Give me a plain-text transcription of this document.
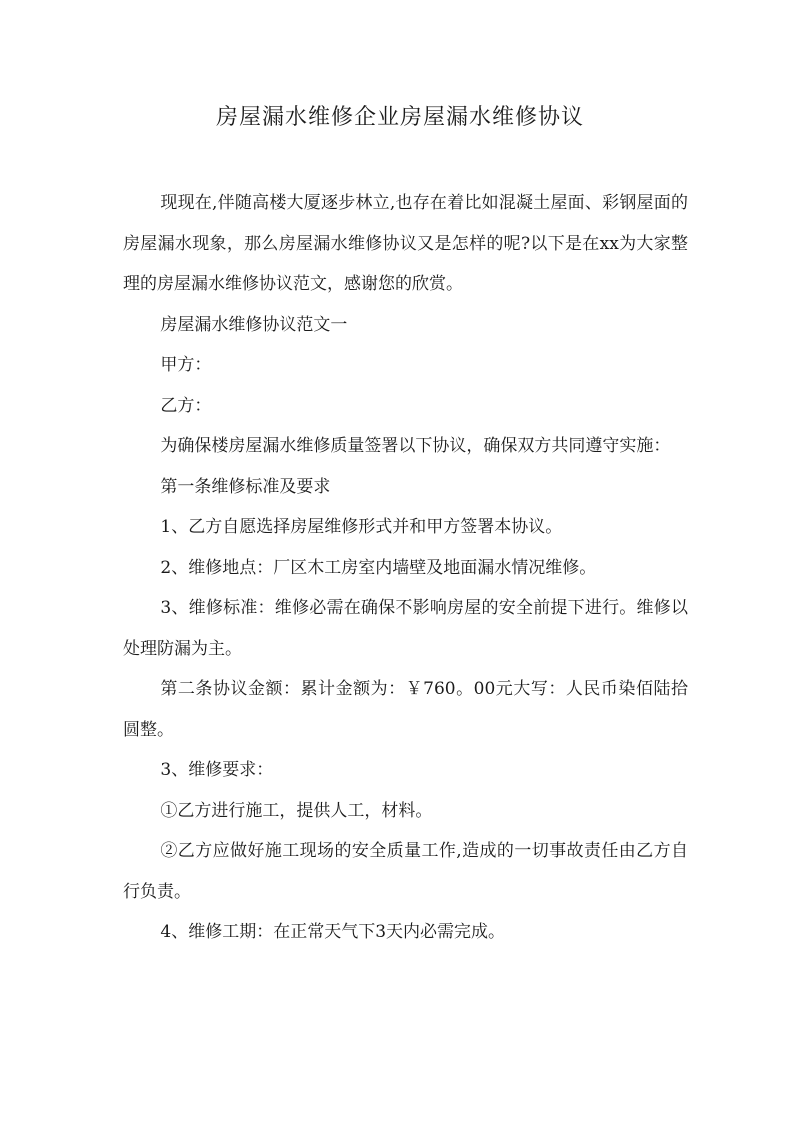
房屋漏水维修企业房屋漏水维修协议

现现在,伴随高楼大厦逐步林立,也存在着比如混凝土屋面、彩钢屋面的房屋漏水现象，那么房屋漏水维修协议又是怎样的呢?以下是在xx为大家整理的房屋漏水维修协议范文，感谢您的欣赏。

房屋漏水维修协议范文一

甲方：

乙方：

为确保楼房屋漏水维修质量签署以下协议，确保双方共同遵守实施：

第一条维修标准及要求

1、乙方自愿选择房屋维修形式并和甲方签署本协议。

2、维修地点：厂区木工房室内墙壁及地面漏水情况维修。

3、维修标准：维修必需在确保不影响房屋的安全前提下进行。维修以处理防漏为主。

第二条协议金额：累计金额为：￥760。00元大写：人民币染佰陆拾圆整。

3、维修要求：

①乙方进行施工，提供人工，材料。

②乙方应做好施工现场的安全质量工作,造成的一切事故责任由乙方自行负责。

4、维修工期：在正常天气下3天内必需完成。
